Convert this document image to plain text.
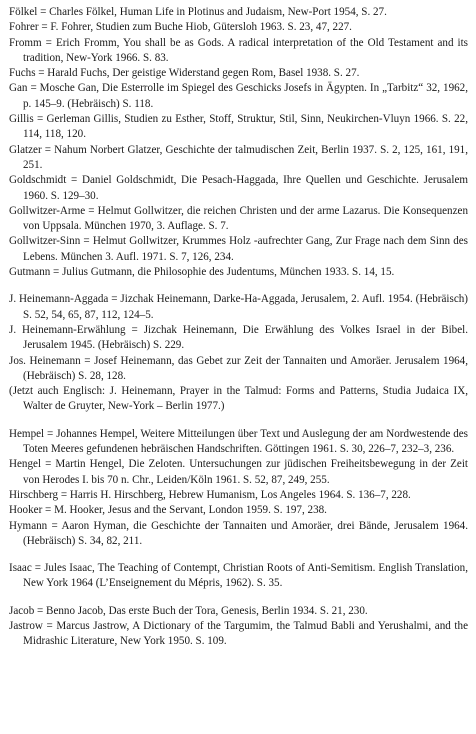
Fölkel = Charles Fölkel, Human Life in Plotinus and Judaism, New-Port 1954, S. 27.

Fohrer = F. Fohrer, Studien zum Buche Hiob, Gütersloh 1963. S. 23, 47, 227.

Fromm = Erich Fromm, You shall be as Gods. A radical interpretation of the Old Testament and its tradition, New-York 1966. S. 83.

Fuchs = Harald Fuchs, Der geistige Widerstand gegen Rom, Basel 1938. S. 27.

Gan = Mosche Gan, Die Esterrolle im Spiegel des Geschicks Josefs in Ägypten. In „Tarbitz“ 32, 1962, p. 145–9. (Hebräisch) S. 118.

Gillis = Gerleman Gillis, Studien zu Esther, Stoff, Struktur, Stil, Sinn, Neukirchen-Vluyn 1966. S. 22, 114, 118, 120.

Glatzer = Nahum Norbert Glatzer, Geschichte der talmudischen Zeit, Berlin 1937. S. 2, 125, 161, 191, 251.

Goldschmidt = Daniel Goldschmidt, Die Pesach-Haggada, Ihre Quellen und Geschichte. Jerusalem 1960. S. 129–30.

Gollwitzer-Arme = Helmut Gollwitzer, die reichen Christen und der arme Lazarus. Die Konsequenzen von Uppsala. München 1970, 3. Auflage. S. 7.

Gollwitzer-Sinn = Helmut Gollwitzer, Krummes Holz -aufrechter Gang, Zur Frage nach dem Sinn des Lebens. München 3. Aufl. 1971. S. 7, 126, 234.

Gutmann = Julius Gutmann, die Philosophie des Judentums, München 1933. S. 14, 15.

J. Heinemann-Aggada = Jizchak Heinemann, Darke-Ha-Aggada, Jerusalem, 2. Aufl. 1954. (Hebräisch) S. 52, 54, 65, 87, 112, 124–5.

J. Heinemann-Erwählung = Jizchak Heinemann, Die Erwählung des Volkes Israel in der Bibel. Jerusalem 1945. (Hebräisch) S. 229.

Jos. Heinemann = Josef Heinemann, das Gebet zur Zeit der Tannaiten und Amoräer. Jerusalem 1964, (Hebräisch) S. 28, 128.
(Jetzt auch Englisch: J. Heinemann, Prayer in the Talmud: Forms and Patterns, Studia Judaica IX, Walter de Gruyter, New-York – Berlin 1977.)

Hempel = Johannes Hempel, Weitere Mitteilungen über Text und Auslegung der am Nordwestende des Toten Meeres gefundenen hebräischen Handschriften. Göttingen 1961. S. 30, 226–7, 232–3, 236.

Hengel = Martin Hengel, Die Zeloten. Untersuchungen zur jüdischen Freiheitsbewegung in der Zeit von Herodes I. bis 70 n. Chr., Leiden/Köln 1961. S. 52, 87, 249, 255.

Hirschberg = Harris H. Hirschberg, Hebrew Humanism, Los Angeles 1964. S. 136–7, 228.

Hooker = M. Hooker, Jesus and the Servant, London 1959. S. 197, 238.

Hymann = Aaron Hyman, die Geschichte der Tannaiten und Amoräer, drei Bände, Jerusalem 1964. (Hebräisch) S. 34, 82, 211.

Isaac = Jules Isaac, The Teaching of Contempt, Christian Roots of Anti-Semitism. English Translation, New York 1964 (L’Enseignement du Mépris, 1962). S. 35.

Jacob = Benno Jacob, Das erste Buch der Tora, Genesis, Berlin 1934. S. 21, 230.

Jastrow = Marcus Jastrow, A Dictionary of the Targumim, the Talmud Babli and Yerushalmi, and the Midrashic Literature, New York 1950. S. 109.
